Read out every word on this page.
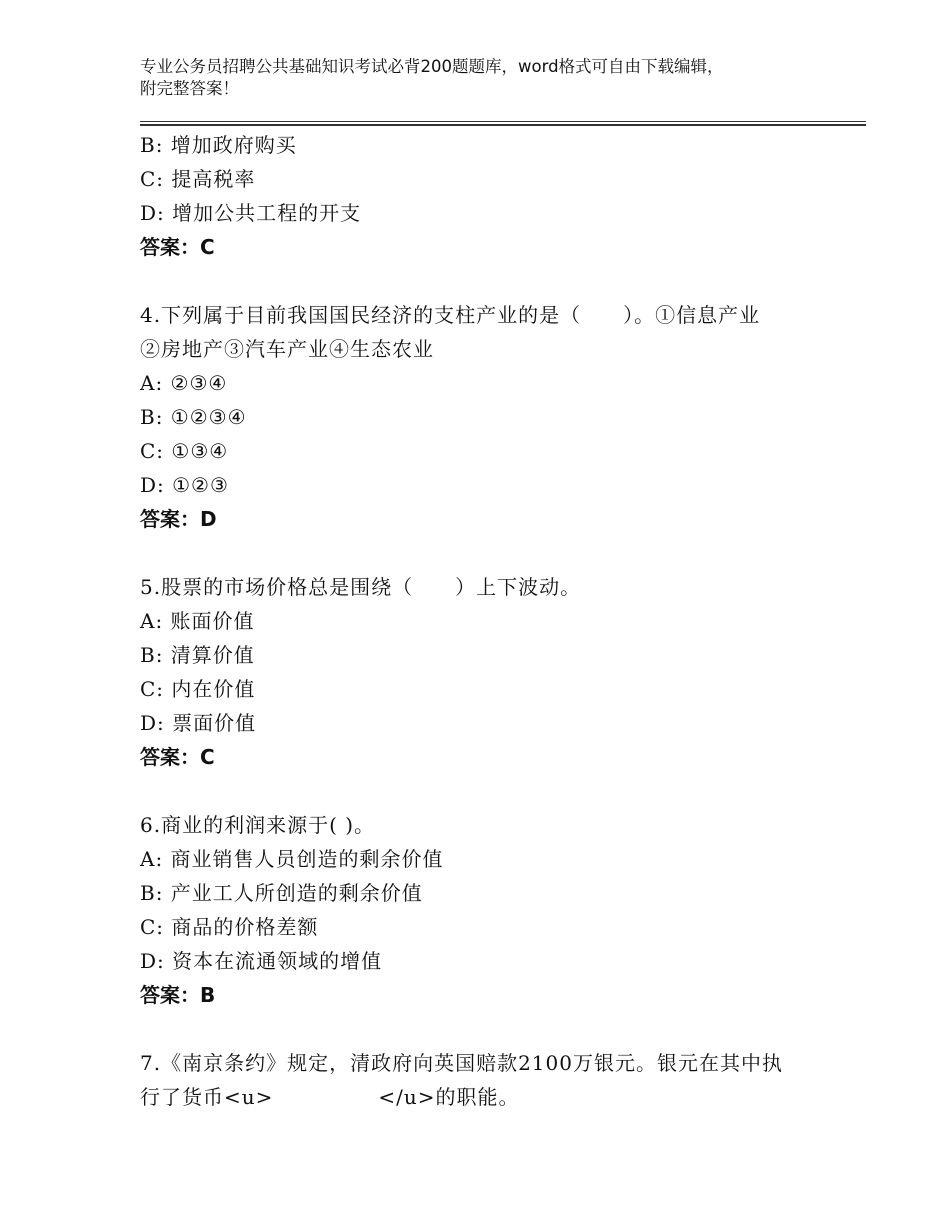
专业公务员招聘公共基础知识考试必背200题题库，word格式可自由下载编辑，
附完整答案！
B: 增加政府购买
C: 提高税率
D: 增加公共工程的开支
答案：C
4.下列属于目前我国国民经济的支柱产业的是（　　）。①信息产业
②房地产③汽车产业④生态农业
A: ②③④
B: ①②③④
C: ①③④
D: ①②③
答案：D
5.股票的市场价格总是围绕（　　）上下波动。
A: 账面价值
B: 清算价值
C: 内在价值
D: 票面价值
答案：C
6.商业的利润来源于( )。
A: 商业销售人员创造的剩余价值
B: 产业工人所创造的剩余价值
C: 商品的价格差额
D: 资本在流通领域的增值
答案：B
7.《南京条约》规定，清政府向英国赔款2100万银元。银元在其中执
行了货币<u>　　　　　</u>的职能。
